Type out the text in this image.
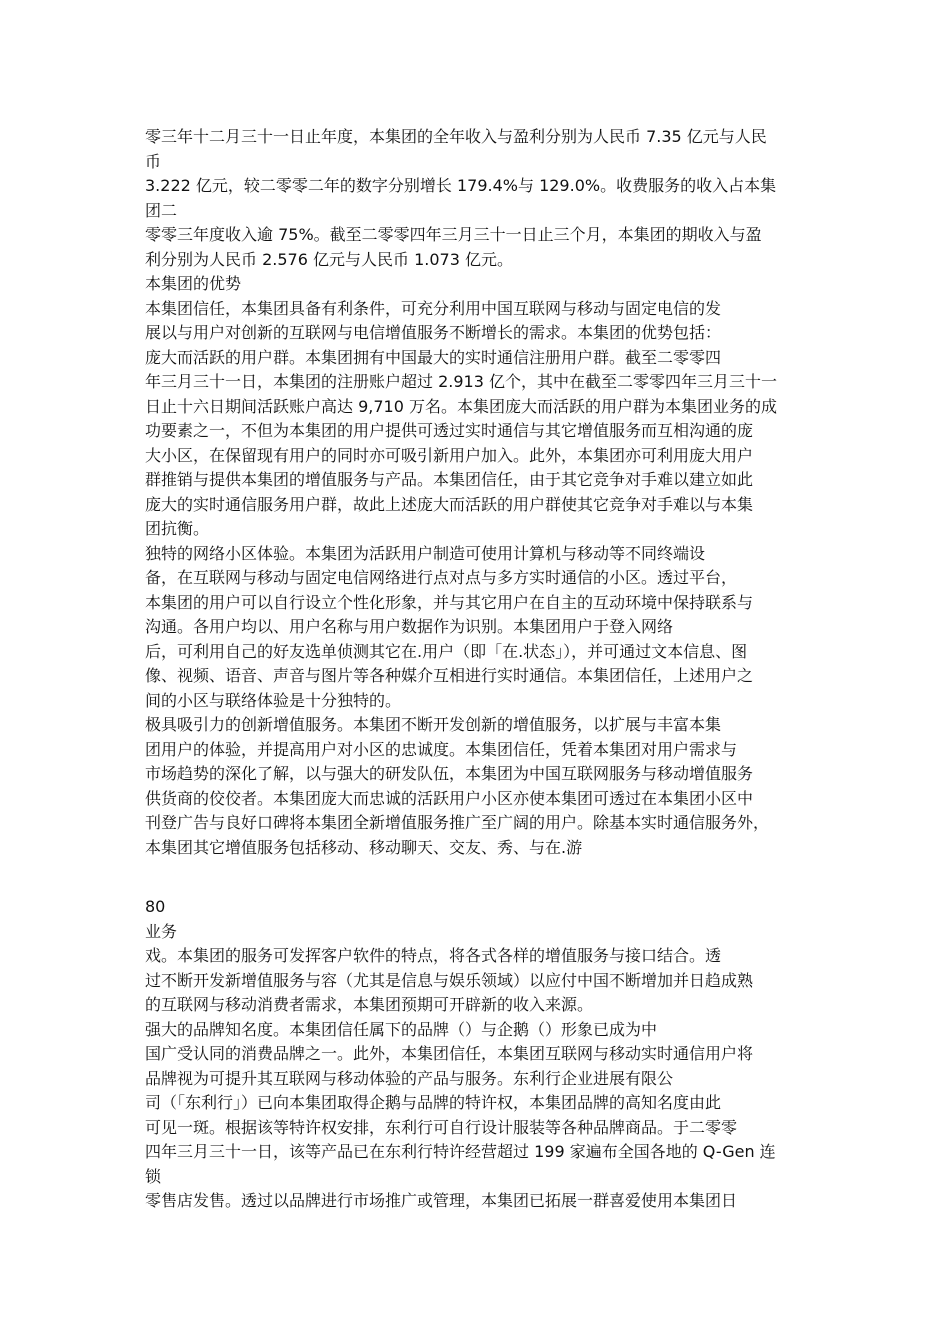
零三年十二月三十一日止年度，本集团的全年收入与盈利分别为人民币 7.35 亿元与人民
币
3.222 亿元，较二零零二年的数字分别增长 179.4%与 129.0%。收费服务的收入占本集
团二
零零三年度收入逾 75%。截至二零零四年三月三十一日止三个月，本集团的期收入与盈
利分别为人民币 2.576 亿元与人民币 1.073 亿元。
本集团的优势
本集团信任，本集团具备有利条件，可充分利用中国互联网与移动与固定电信的发
展以与用户对创新的互联网与电信增值服务不断增长的需求。本集团的优势包括：
庞大而活跃的用户群。本集团拥有中国最大的实时通信注册用户群。截至二零零四
年三月三十一日，本集团的注册账户超过 2.913 亿个，其中在截至二零零四年三月三十一
日止十六日期间活跃账户高达 9,710 万名。本集团庞大而活跃的用户群为本集团业务的成
功要素之一，不但为本集团的用户提供可透过实时通信与其它增值服务而互相沟通的庞
大小区，在保留现有用户的同时亦可吸引新用户加入。此外，本集团亦可利用庞大用户
群推销与提供本集团的增值服务与产品。本集团信任，由于其它竞争对手难以建立如此
庞大的实时通信服务用户群，故此上述庞大而活跃的用户群使其它竞争对手难以与本集
团抗衡。
独特的网络小区体验。本集团为活跃用户制造可使用计算机与移动等不同终端设
备，在互联网与移动与固定电信网络进行点对点与多方实时通信的小区。透过平台，
本集团的用户可以自行设立个性化形象，并与其它用户在自主的互动环境中保持联系与
沟通。各用户均以、用户名称与用户数据作为识别。本集团用户于登入网络
后，可利用自己的好友选单侦测其它在.用户（即「在.状态」），并可通过文本信息、图
像、视频、语音、声音与图片等各种媒介互相进行实时通信。本集团信任，上述用户之
间的小区与联络体验是十分独特的。
极具吸引力的创新增值服务。本集团不断开发创新的增值服务，以扩展与丰富本集
团用户的体验，并提高用户对小区的忠诚度。本集团信任，凭着本集团对用户需求与
市场趋势的深化了解，以与强大的研发队伍，本集团为中国互联网服务与移动增值服务
供货商的佼佼者。本集团庞大而忠诚的活跃用户小区亦使本集团可透过在本集团小区中
刊登广告与良好口碑将本集团全新增值服务推广至广阔的用户。除基本实时通信服务外，
本集团其它增值服务包括移动、移动聊天、交友、秀、与在.游
80
业务
戏。本集团的服务可发挥客户软件的特点，将各式各样的增值服务与接口结合。透
过不断开发新增值服务与容（尤其是信息与娱乐领域）以应付中国不断增加并日趋成熟
的互联网与移动消费者需求，本集团预期可开辟新的收入来源。
强大的品牌知名度。本集团信任属下的品牌（）与企鹅（）形象已成为中
国广受认同的消费品牌之一。此外，本集团信任，本集团互联网与移动实时通信用户将
品牌视为可提升其互联网与移动体验的产品与服务。东利行企业进展有限公
司（「东利行」）已向本集团取得企鹅与品牌的特许权，本集团品牌的高知名度由此
可见一斑。根据该等特许权安排，东利行可自行设计服装等各种品牌商品。于二零零
四年三月三十一日，该等产品已在东利行特许经营超过 199 家遍布全国各地的 Q-Gen 连
锁
零售店发售。透过以品牌进行市场推广或管理，本集团已拓展一群喜爱使用本集团日
